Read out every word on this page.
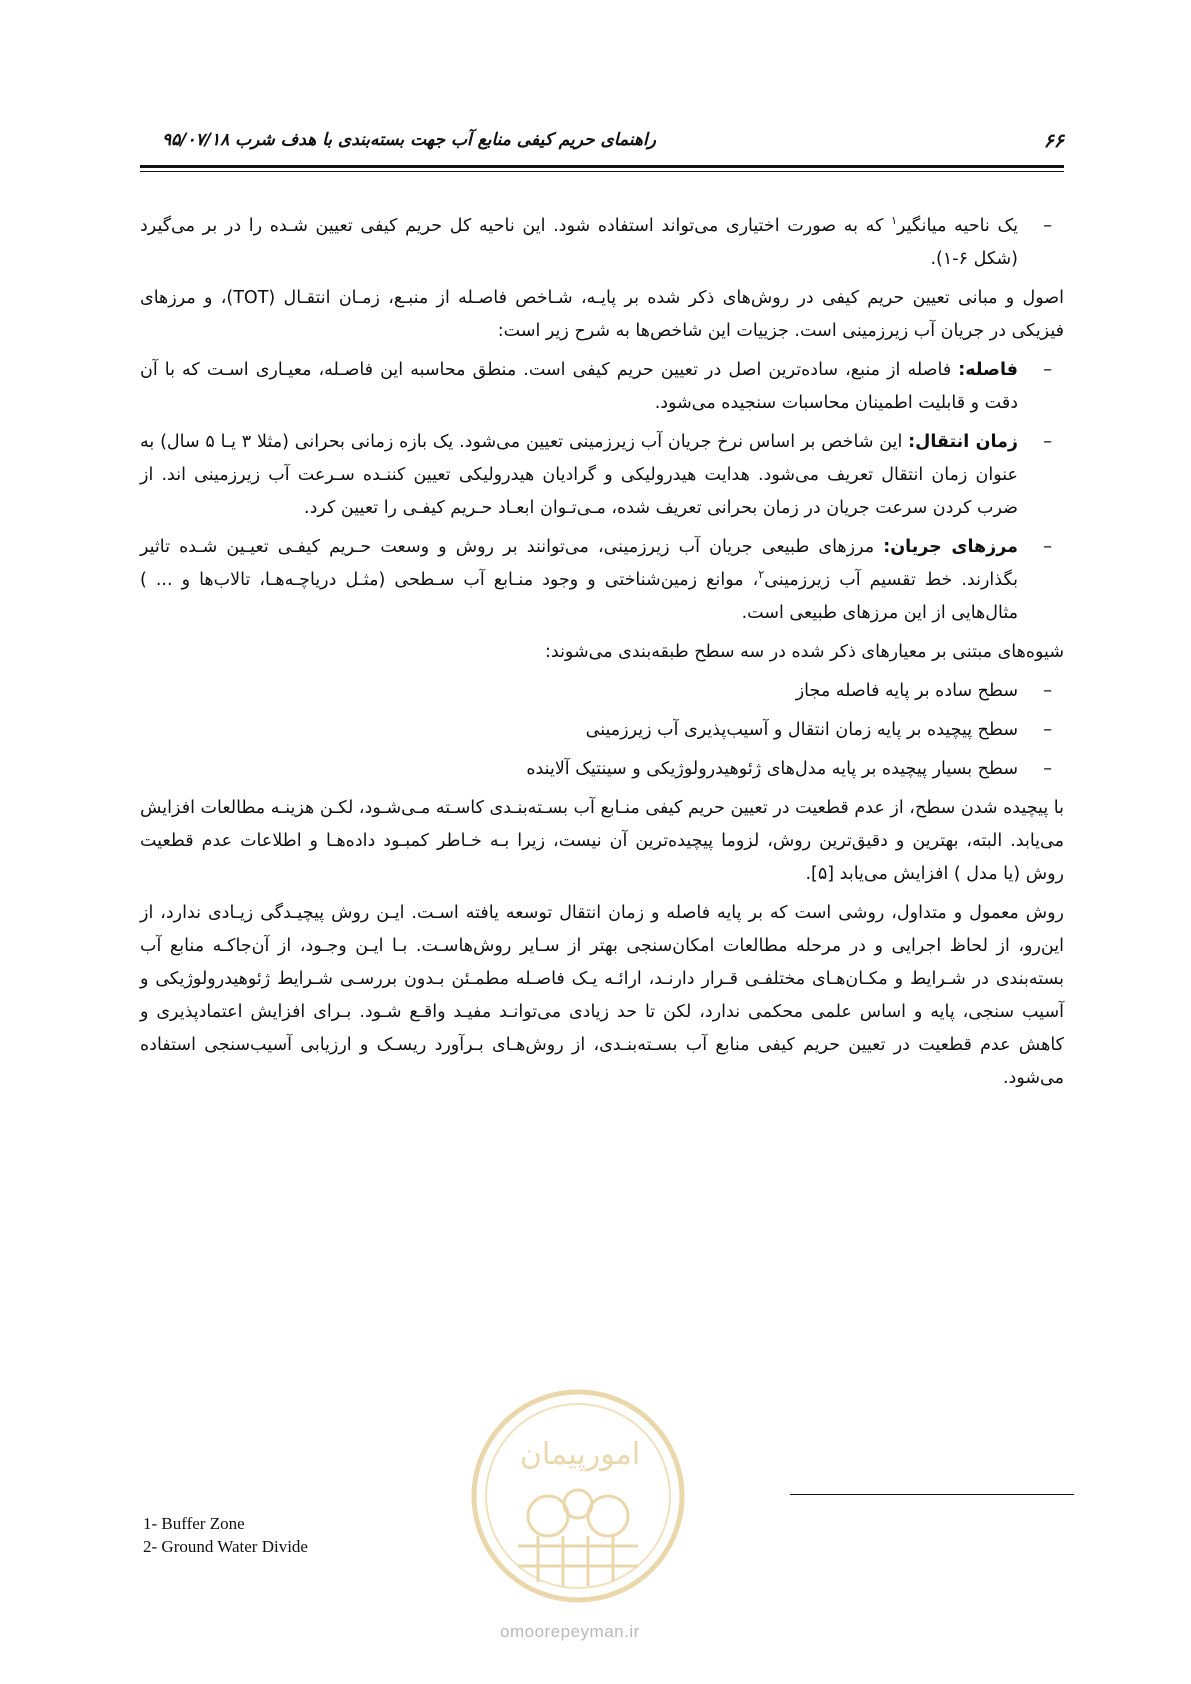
۶۶
راهنمای حریم کیفی منابع آب جهت بسته‌بندی با هدف شرب ۹۵/۰۷/۱۸
–
یک ناحیه میانگیر$^۱$ که به صورت اختیاری می‌تواند استفاده شود. این ناحیه کل حریم کیفی تعیین شـده را در بر می‌گیرد (شکل ۶-۱).

اصول و مبانی تعیین حریم کیفی در روش‌های ذکر شده بر پایـه، شـاخص فاصـله از منبـع، زمـان انتقـال (TOT)، و مرزهای فیزیکی در جریان آب زیرزمینی است. جزییات این شاخص‌ها به شرح زیر است:

–
فاصله: فاصله از منبع، ساده‌ترین اصل در تعیین حریم کیفی است. منطق محاسبه این فاصـله، معیـاری اسـت که با آن دقت و قابلیت اطمینان محاسبات سنجیده می‌شود.
–
زمان انتقال: این شاخص بر اساس نرخ جریان آب زیرزمینی تعیین می‌شود. یک بازه زمانی بحرانی (مثلا ۳ یـا ۵ سال) به عنوان زمان انتقال تعریف می‌شود. هدایت هیدرولیکی و گرادیان هیدرولیکی تعیین کننـده سـرعت آب زیرزمینی اند. از ضرب کردن سرعت جریان در زمان بحرانی تعریف شده، مـی‌تـوان ابعـاد حـریم کیفـی را تعیین کرد.
–
مرزهای جریان: مرزهای طبیعی جریان آب زیرزمینی، می‌توانند بر روش و وسعت حـریم کیفـی تعیـین شـده تاثیر بگذارند. خط تقسیم آب زیرزمینی$^۲$، موانع زمین‌شناختی و وجود منـابع آب سـطحی (مثـل دریاچـه‌هـا، تالاب‌ها و ... ) مثال‌هایی از این مرزهای طبیعی است.

شیوه‌های مبتنی بر معیارهای ذکر شده در سه سطح طبقه‌بندی می‌شوند:

–
سطح ساده بر پایه فاصله مجاز
–
سطح پیچیده بر پایه زمان انتقال و آسیب‌پذیری آب زیرزمینی
–
سطح بسیار پیچیده بر پایه مدل‌های ژئوهیدرولوژیکی و سینتیک آلاینده

با پیچیده شدن سطح، از عدم قطعیت در تعیین حریم کیفی منـابع آب بسـته‌بنـدی کاسـته مـی‌شـود، لکـن هزینـه مطالعات افزایش می‌یابد. البته، بهترین و دقیق‌ترین روش، لزوما پیچیده‌ترین آن نیست، زیرا بـه خـاطر کمبـود داده‌هـا و اطلاعات عدم قطعیت روش (یا مدل ) افزایش می‌یابد [۵].

روش معمول و متداول، روشی است که بر پایه فاصله و زمان انتقال توسعه یافته اسـت. ایـن روش پیچیـدگی زیـادی ندارد، از این‌رو، از لحاظ اجرایی و در مرحله مطالعات امکان‌سنجی بهتر از سـایر روش‌هاسـت. بـا ایـن وجـود، از آن‌جاکـه منابع آب بسته‌بندی در شـرایط و مکـان‌هـای مختلفـی قـرار دارنـد، ارائـه یـک فاصـله مطمـئن بـدون بررسـی شـرایط ژئوهیدرولوژیکی و آسیب سنجی، پایه و اساس علمی محکمی ندارد، لکن تا حد زیادی می‌توانـد مفیـد واقـع شـود. بـرای افزایش اعتمادپذیری و کاهش عدم قطعیت در تعیین حریم کیفی منابع آب بسـته‌بنـدی، از روش‌هـای بـرآورد ریسـک و ارزیابی آسیب‌سنجی استفاده می‌شود.

امورپیمان
omoorepeyman.ir
1- Buffer Zone
2- Ground Water Divide
